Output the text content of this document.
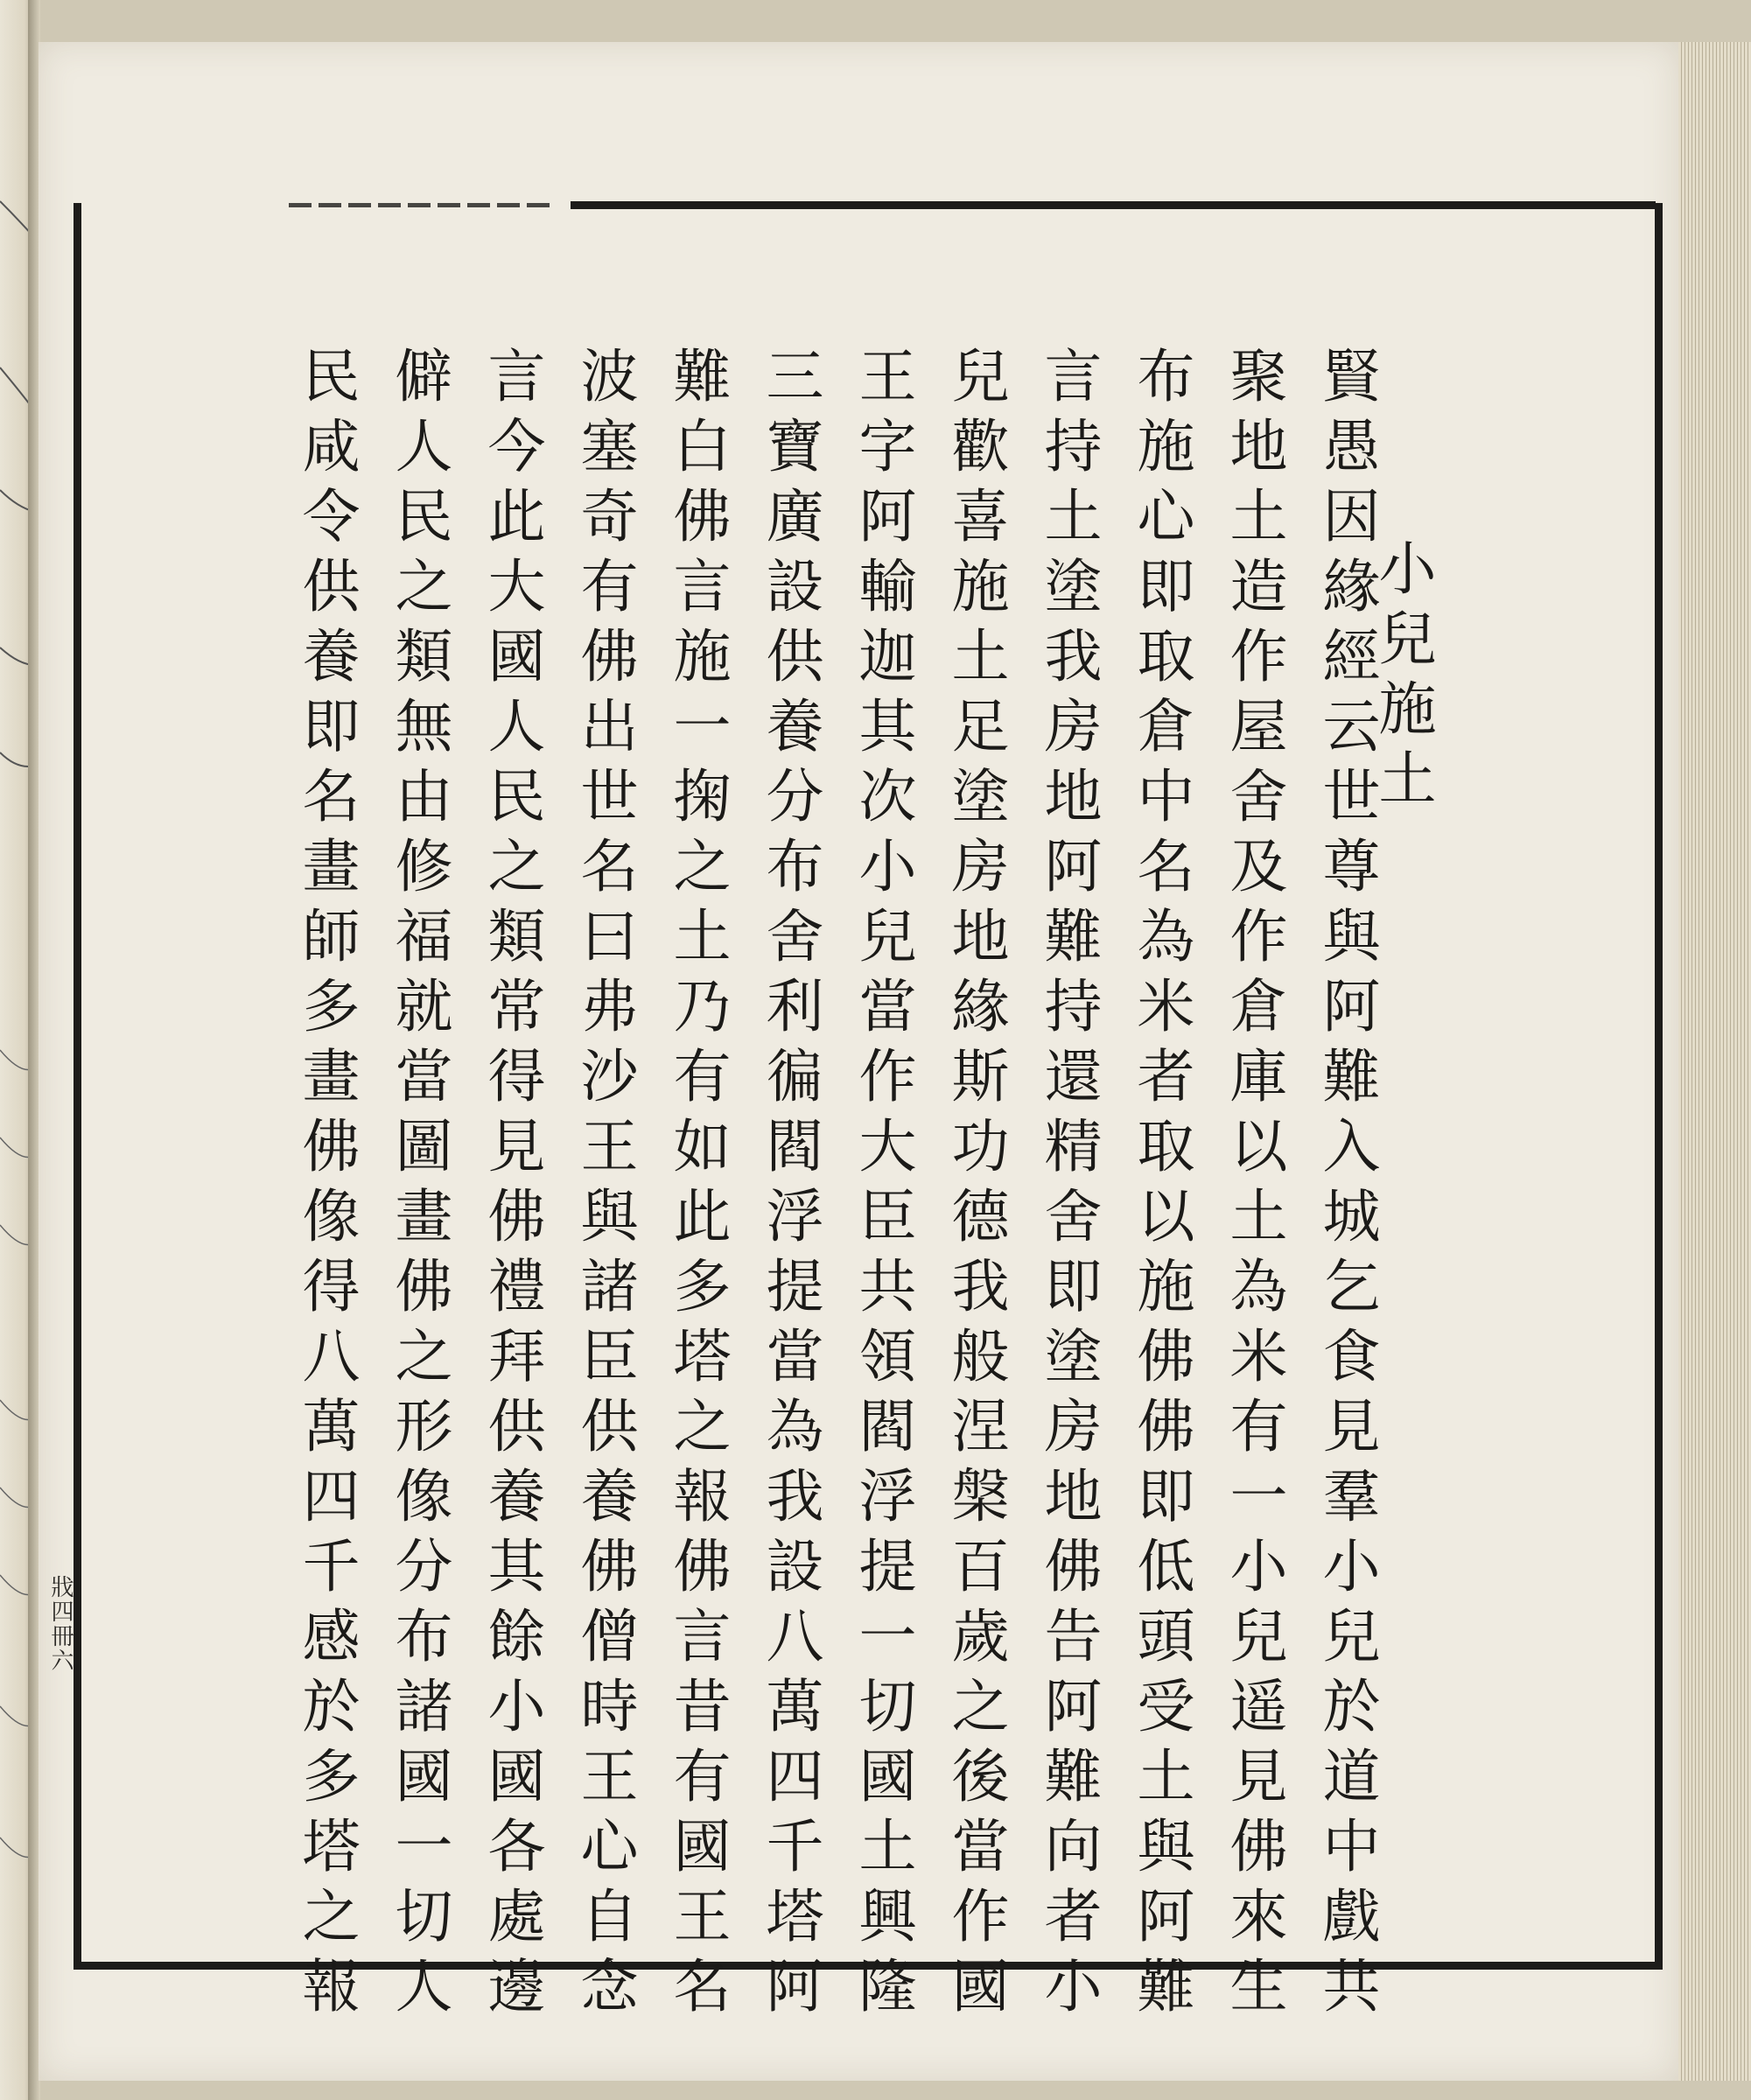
小兒施土
賢愚因緣經云世尊與阿難入城乞食見羣小兒於道中戲共
聚地土造作屋舍及作倉庫以土為米有一小兒遥見佛來生
布施心即取倉中名為米者取以施佛佛即低頭受土與阿難
言持土塗我房地阿難持還精舍即塗房地佛告阿難向者小
兒歡喜施土足塗房地緣斯功德我般涅槃百歲之後當作國
王字阿輸迦其次小兒當作大臣共領閻浮提一切國土興隆
三寶廣設供養分布舍利徧閻浮提當為我設八萬四千塔阿
難白佛言施一掬之土乃有如此多塔之報佛言昔有國王名
波塞奇有佛出世名曰弗沙王與諸臣供養佛僧時王心自念
言今此大國人民之類常得見佛禮拜供養其餘小國各處邊
僻人民之類無由修福就當圖畫佛之形像分布諸國一切人
民咸令供養即名畫師多畫佛像得八萬四千感於多塔之報
戕四冊六
